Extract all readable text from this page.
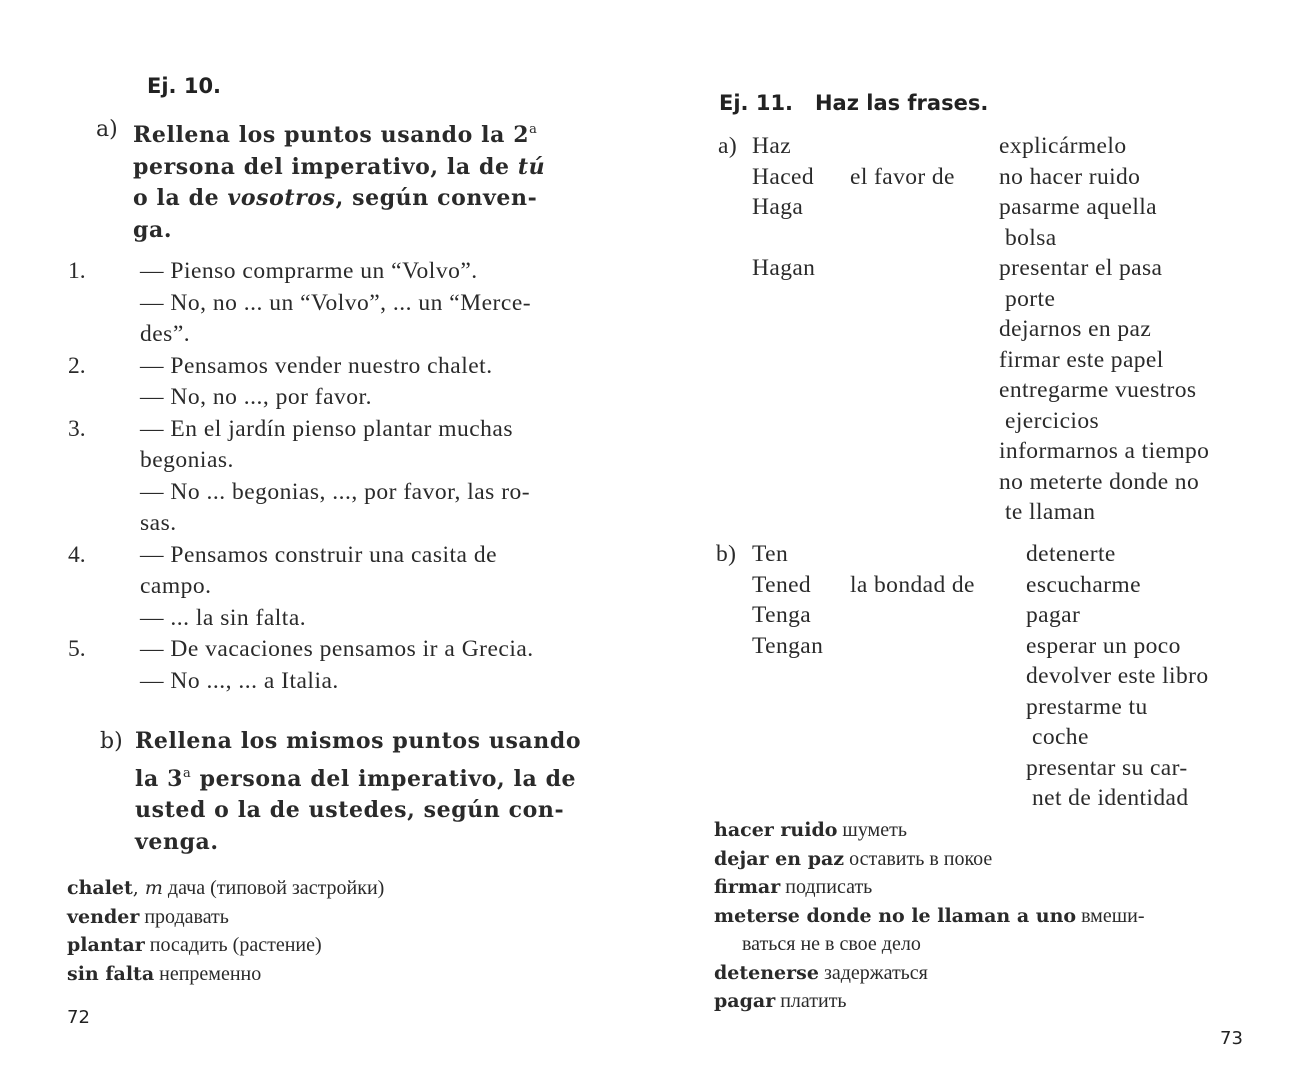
Ej. 10.
a) Rellena los puntos usando la 2$^a$
persona del imperativo, la de tú
o la de vosotros, según conven-
ga.
1. — Pienso comprarme un “Volvo”.
— No, no ... un “Volvo”, ... un “Merce-
des”.
2. — Pensamos vender nuestro chalet.
— No, no ..., por favor.
3. — En el jardín pienso plantar muchas
begonias.
— No ... begonias, ..., por favor, las ro-
sas.
4. — Pensamos construir una casita de
campo.
— ... la sin falta.
5. — De vacaciones pensamos ir a Grecia.
— No ..., ... a Italia.
b) Rellena los mismos puntos usando
la 3$^a$ persona del imperativo, la de
usted o la de ustedes, según con-
venga.
chalet, m дача (типовой застройки)
vender продавать
plantar посадить (растение)
sin falta непременно
72
Ej. 11.   Haz las frases.
a) Haz
Haced
Haga

Hagan
el favor de
explicármelo
no hacer ruido
pasarme aquella
bolsa
presentar el pasa
porte
dejarnos en paz
firmar este papel
entregarme vuestros
ejercicios
informarnos a tiempo
no meterte donde no
te llaman
b) Ten
Tened
Tenga
Tengan
la bondad de
detenerte
escucharme
pagar
esperar un poco
devolver este libro
prestarme tu
coche
presentar su car-
net de identidad
hacer ruido шуметь
dejar en paz оставить в покое
firmar подписать
meterse donde no le llaman a uno вмеши-
ваться не в свое дело
detenerse задержаться
pagar платить
73
